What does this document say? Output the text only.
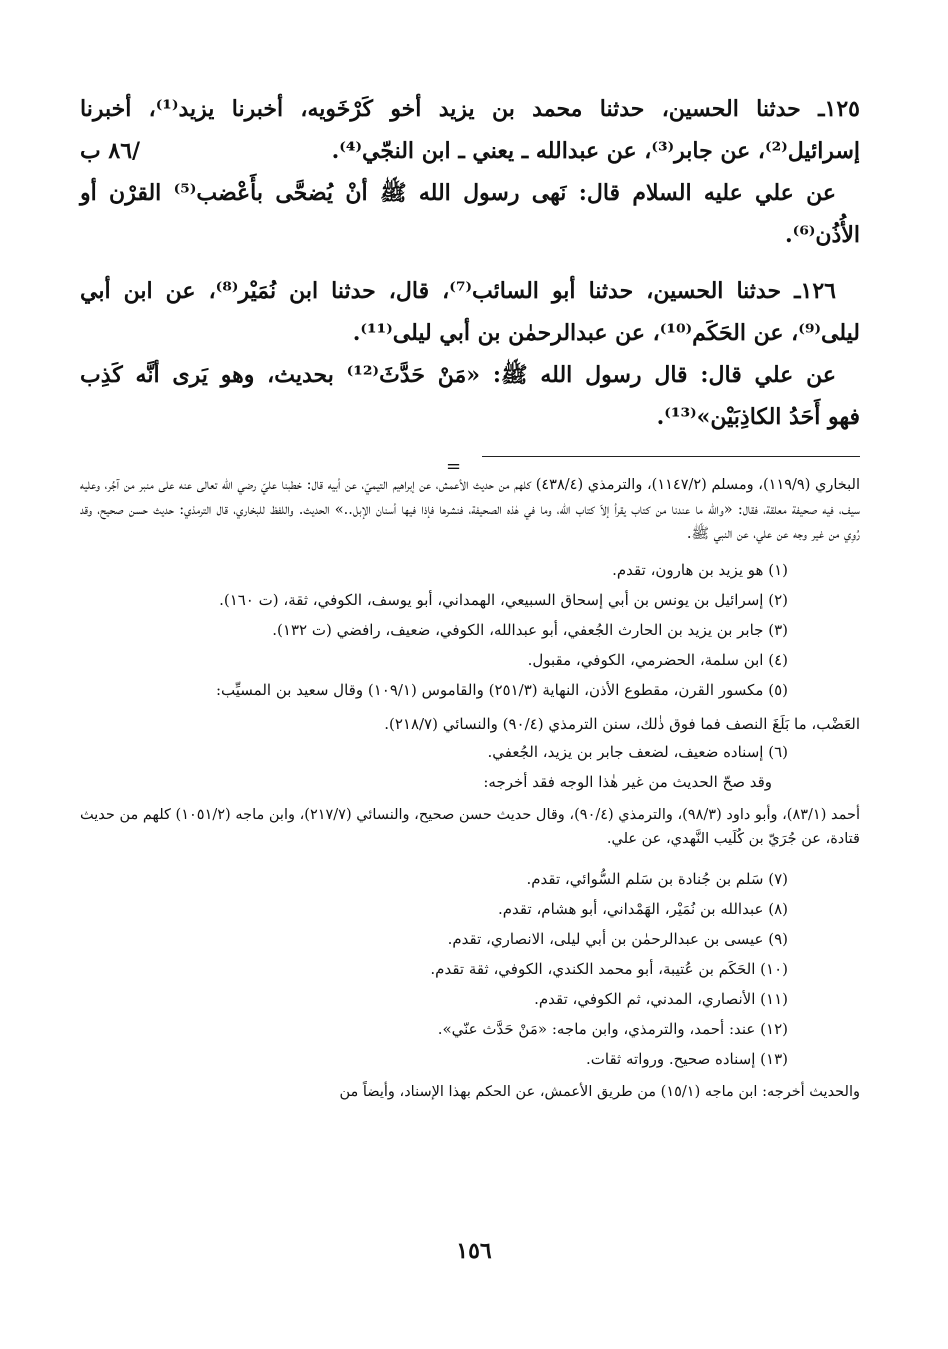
١٢٥ـ حدثنا الحسين، حدثنا محمد بن يزيد أخو كَرْخَويه، أخبرنا يزيد⁽¹⁾، أخبرنا
إسرائيل⁽²⁾، عن جابر⁽³⁾، عن عبدالله ـ يعني ـ ابن النجّي⁽⁴⁾.
/٨٦ ب
عن علي عليه السلام قال: نَهى رسول الله ﷺ أنْ يُضحَّى بأَعْضب⁽⁵⁾ القرْن أو
الأُذُن⁽⁶⁾.
١٢٦ـ حدثنا الحسين، حدثنا أبو السائب⁽⁷⁾، قال، حدثنا ابن نُمَيْر⁽⁸⁾، عن ابن أبي
ليلى⁽⁹⁾، عن الحَكَم⁽¹⁰⁾، عن عبدالرحمٰن بن أبي ليلى⁽¹¹⁾.
عن علي قال: قال رسول الله ﷺ: «مَنْ حَدَّثَ⁽¹²⁾ بحديث، وهو يَرى أنَّه كَذِب
فهو أَحَدُ الكاذِبَيْن»⁽¹³⁾.
=

البخاري (١١٩/٩)، ومسلم (١١٤٧/٢)، والترمذي (٤٣٨/٤) كلهم من حديث الأعمش، عن إبراهيم التيميّ، عن أبيه قال: خطبنا عليّ رضي الله تعالى عنه على منبر من آجُر، وعليه سيف، فيه صحيفة معلقة، فقال: «والله ما عندنا من كتاب يقرأ إلاّ كتاب الله، وما في هٰذه الصحيفة، فنشرها فإذا فيها أسنان الإبل..» الحديث. واللفظ للبخاري، قال الترمذي: حديث حسن صحيح، وقد رُوِي من غير وجه عن علي، عن النبي ﷺ.

(١) هو يزيد بن هارون، تقدم.

(٢) إسرائيل بن يونس بن أبي إسحاق السبيعي، الهمداني، أبو يوسف، الكوفي، ثقة، (ت ١٦٠).

(٣) جابر بن يزيد بن الحارث الجُعفي، أبو عبدالله، الكوفي، ضعيف، رافضي (ت ١٣٢).

(٤) ابن سلمة، الحضرمي، الكوفي، مقبول.

(٥) مكسور القرن، مقطوع الأذن، النهاية (٢٥١/٣) والقاموس (١٠٩/١) وقال سعيد بن المسيِّب:

العَضْب، ما بَلَغَ النصف فما فوق ذٰلك، سنن الترمذي (٩٠/٤) والنسائي (٢١٨/٧).

(٦) إسناده ضعيف، لضعف جابر بن يزيد، الجُعفي.

وقد صحّ الحديث من غير هٰذا الوجه فقد أخرجه:

أحمد (٨٣/١)، وأبو داود (٩٨/٣)، والترمذي (٩٠/٤)، وقال حديث حسن صحيح، والنسائي (٢١٧/٧)، وابن ماجه (١٠٥١/٢) كلهم من حديث قتادة، عن جُرَيّ بن كُلَيب النَّهدي، عن علي.

(٧) سَلم بن جُنادة بن سَلم السُّوائي، تقدم.

(٨) عبدالله بن نُمَيْر، الهَمْداني، أبو هشام، تقدم.

(٩) عيسى بن عبدالرحمٰن بن أبي ليلى، الانصاري، تقدم.

(١٠) الحَكَم بن عُتيبة، أبو محمد الكندي، الكوفي، ثقة تقدم.

(١١) الأنصاري، المدني، ثم الكوفي، تقدم.

(١٢) عند: أحمد، والترمذي، وابن ماجه: «مَنْ حَدَّث عنّي».

(١٣) إسناده صحيح. ورواته ثقات.

والحديث أخرجه: ابن ماجه (١٥/١) من طريق الأعمش، عن الحكم بهذا الإسناد، وأيضاً من

١٥٦
